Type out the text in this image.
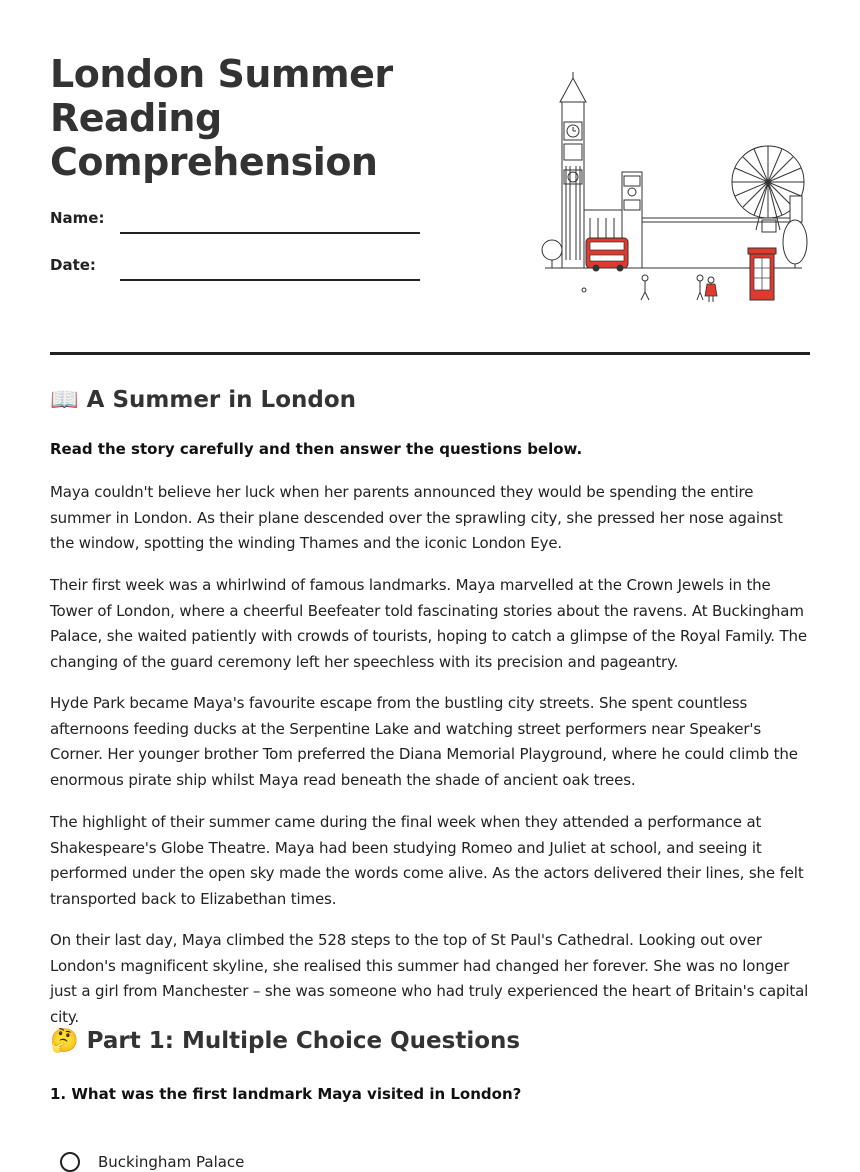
London Summer Reading Comprehension
Name:
Date:
📖 A Summer in London

Read the story carefully and then answer the questions below.

Maya couldn't believe her luck when her parents announced they would be spending the entire summer in London. As their plane descended over the sprawling city, she pressed her nose against the window, spotting the winding Thames and the iconic London Eye.

Their first week was a whirlwind of famous landmarks. Maya marvelled at the Crown Jewels in the Tower of London, where a cheerful Beefeater told fascinating stories about the ravens. At Buckingham Palace, she waited patiently with crowds of tourists, hoping to catch a glimpse of the Royal Family. The changing of the guard ceremony left her speechless with its precision and pageantry.

Hyde Park became Maya's favourite escape from the bustling city streets. She spent countless afternoons feeding ducks at the Serpentine Lake and watching street performers near Speaker's Corner. Her younger brother Tom preferred the Diana Memorial Playground, where he could climb the enormous pirate ship whilst Maya read beneath the shade of ancient oak trees.

The highlight of their summer came during the final week when they attended a performance at Shakespeare's Globe Theatre. Maya had been studying Romeo and Juliet at school, and seeing it performed under the open sky made the words come alive. As the actors delivered their lines, she felt transported back to Elizabethan times.

On their last day, Maya climbed the 528 steps to the top of St Paul's Cathedral. Looking out over London's magnificent skyline, she realised this summer had changed her forever. She was no longer just a girl from Manchester – she was someone who had truly experienced the heart of Britain's capital city.

🤔 Part 1: Multiple Choice Questions

1. What was the first landmark Maya visited in London?

Buckingham Palace
